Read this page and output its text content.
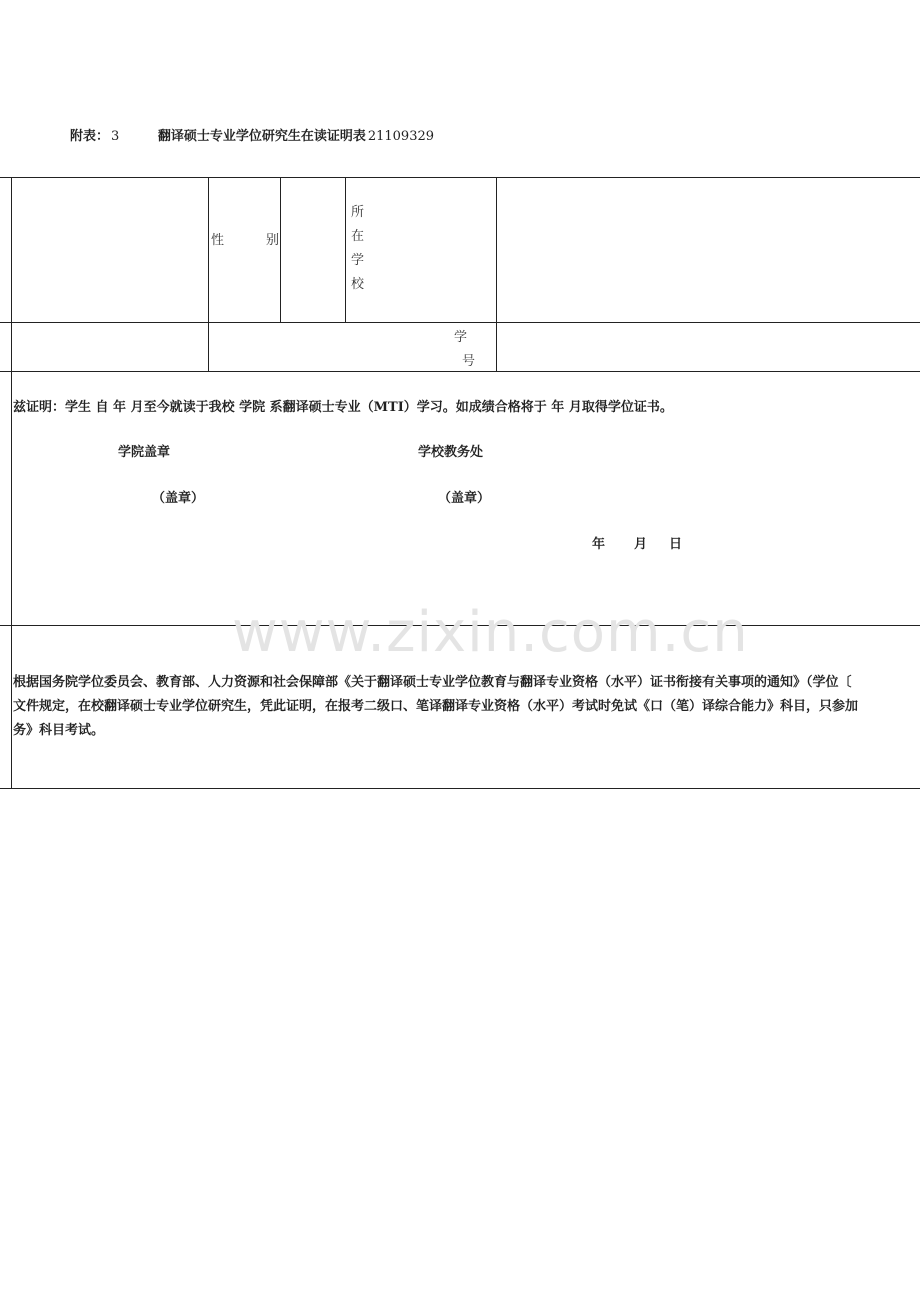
附表： 3	翻译硕士专业学位研究生在读证明表 21109329
性	别
所
在
学
校
学
号
兹证明：学生 自 年 月至今就读于我校 学院 系翻译硕士专业（MTI）学习。如成绩合格将于 年 月取得学位证书。
学院盖章	学校教务处
（盖章）	（盖章）
年 月 日
www.zixin.com.cn
根据国务院学位委员会、教育部、人力资源和社会保障部《关于翻译硕士专业学位教育与翻译专业资格（水平）证书衔接有关事项的通知》（学位〔
文件规定，在校翻译硕士专业学位研究生，凭此证明，在报考二级口、笔译翻译专业资格（水平）考试时免试《口（笔）译综合能力》科目，只参加
务》科目考试。
